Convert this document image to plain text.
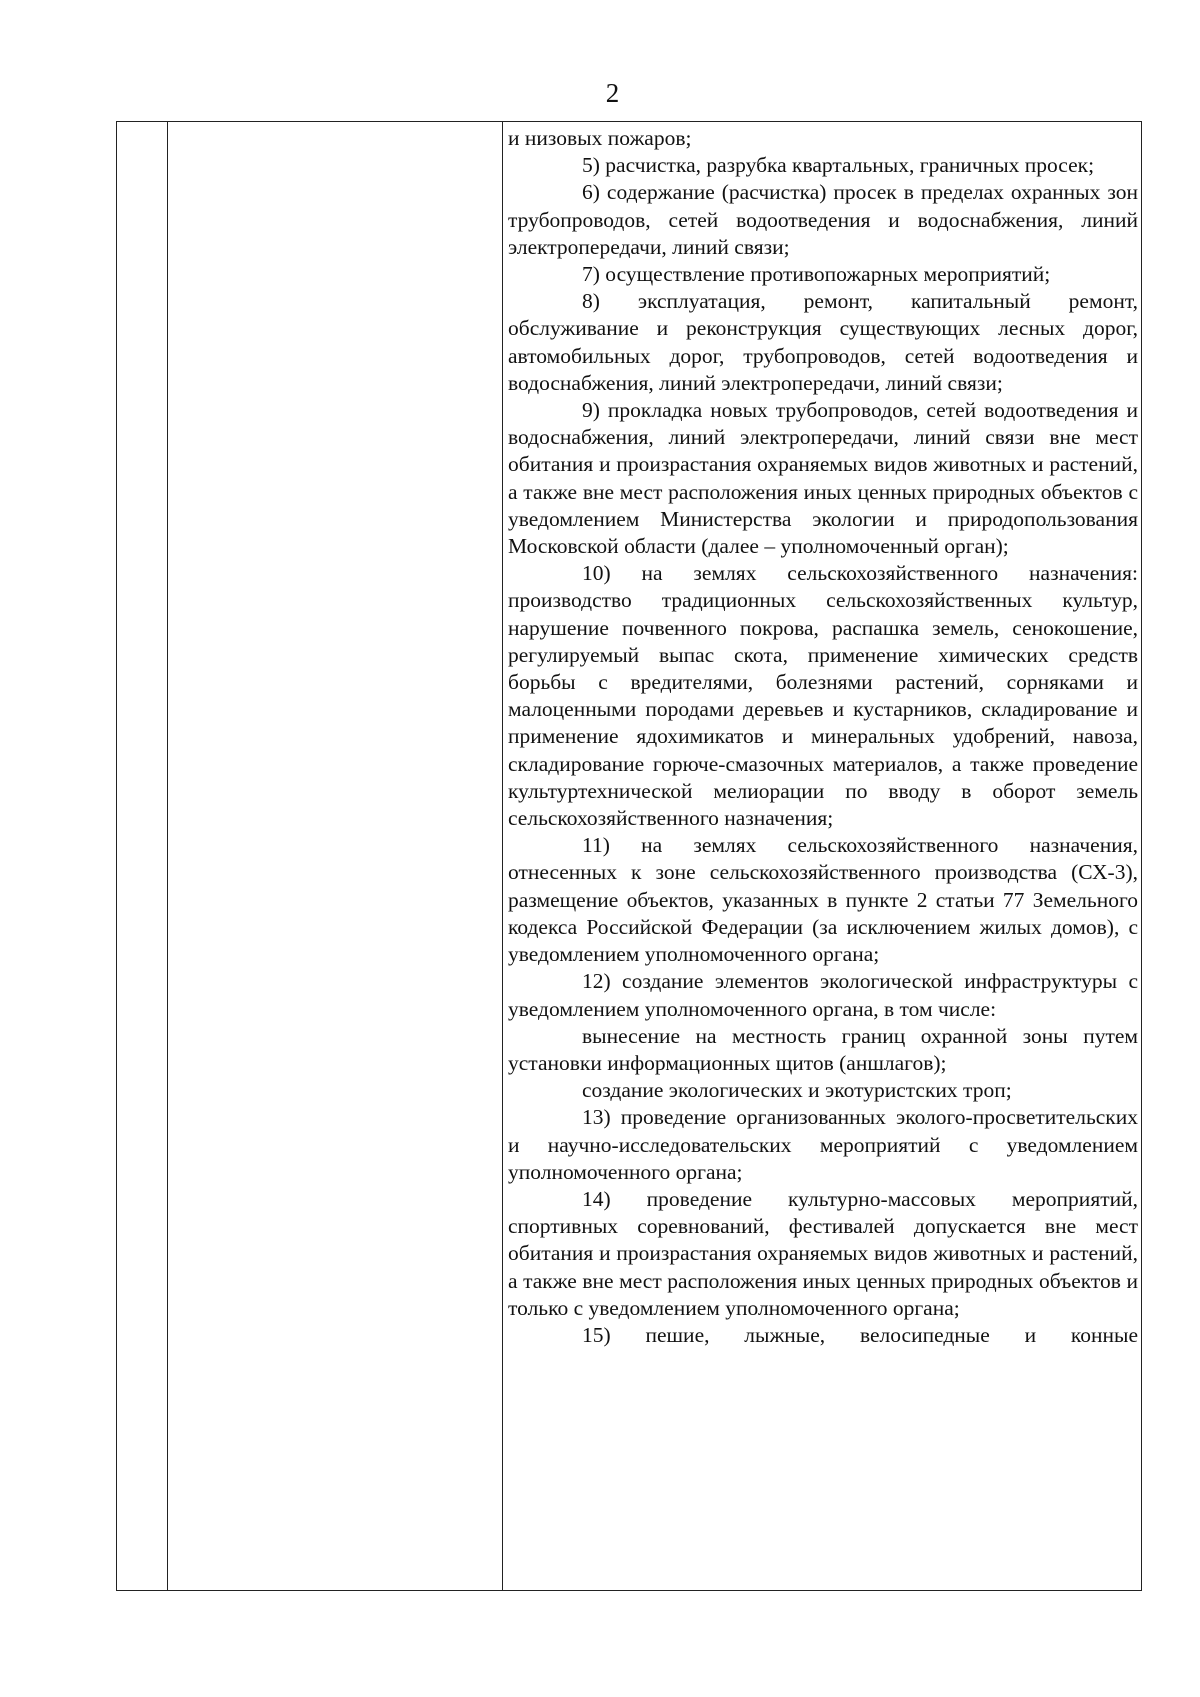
2

и низовых пожаров;

5) расчистка, разрубка квартальных, граничных просек;

6) содержание (расчистка) просек в пределах охранных зон трубопроводов, сетей водоотведения и водоснабжения, линий электропередачи, линий связи;

7) осуществление противопожарных мероприятий;

8) эксплуатация, ремонт, капитальный ремонт, обслуживание и реконструкция существующих лесных дорог, автомобильных дорог, трубопроводов, сетей водоотведения и водоснабжения, линий электропередачи, линий связи;

9) прокладка новых трубопроводов, сетей водоотведения и водоснабжения, линий электропередачи, линий связи вне мест обитания и произрастания охраняемых видов животных и растений, а также вне мест расположения иных ценных природных объектов с уведомлением Министерства экологии и природопользования Московской области (далее – уполномоченный орган);

10) на землях сельскохозяйственного назначения: производство традиционных сельскохозяйственных культур, нарушение почвенного покрова, распашка земель, сенокошение, регулируемый выпас скота, применение химических средств борьбы с вредителями, болезнями растений, сорняками и малоценными породами деревьев и кустарников, складирование и применение ядохимикатов и минеральных удобрений, навоза, складирование горюче-смазочных материалов, а также проведение культуртехнической мелиорации по вводу в оборот земель сельскохозяйственного назначения;

11) на землях сельскохозяйственного назначения, отнесенных к зоне сельскохозяйственного производства (СХ-3), размещение объектов, указанных в пункте 2 статьи 77 Земельного кодекса Российской Федерации (за исключением жилых домов), с уведомлением уполномоченного органа;

12) создание элементов экологической инфраструктуры с уведомлением уполномоченного органа, в том числе:

вынесение на местность границ охранной зоны путем установки информационных щитов (аншлагов);

создание экологических и экотуристских троп;

13) проведение организованных эколого-просветительских и научно-исследовательских мероприятий с уведомлением уполномоченного органа;

14) проведение культурно-массовых мероприятий, спортивных соревнований, фестивалей допускается вне мест обитания и произрастания охраняемых видов животных и растений, а также вне мест расположения иных ценных природных объектов и только с уведомлением уполномоченного органа;

15) пешие, лыжные, велосипедные и конные
